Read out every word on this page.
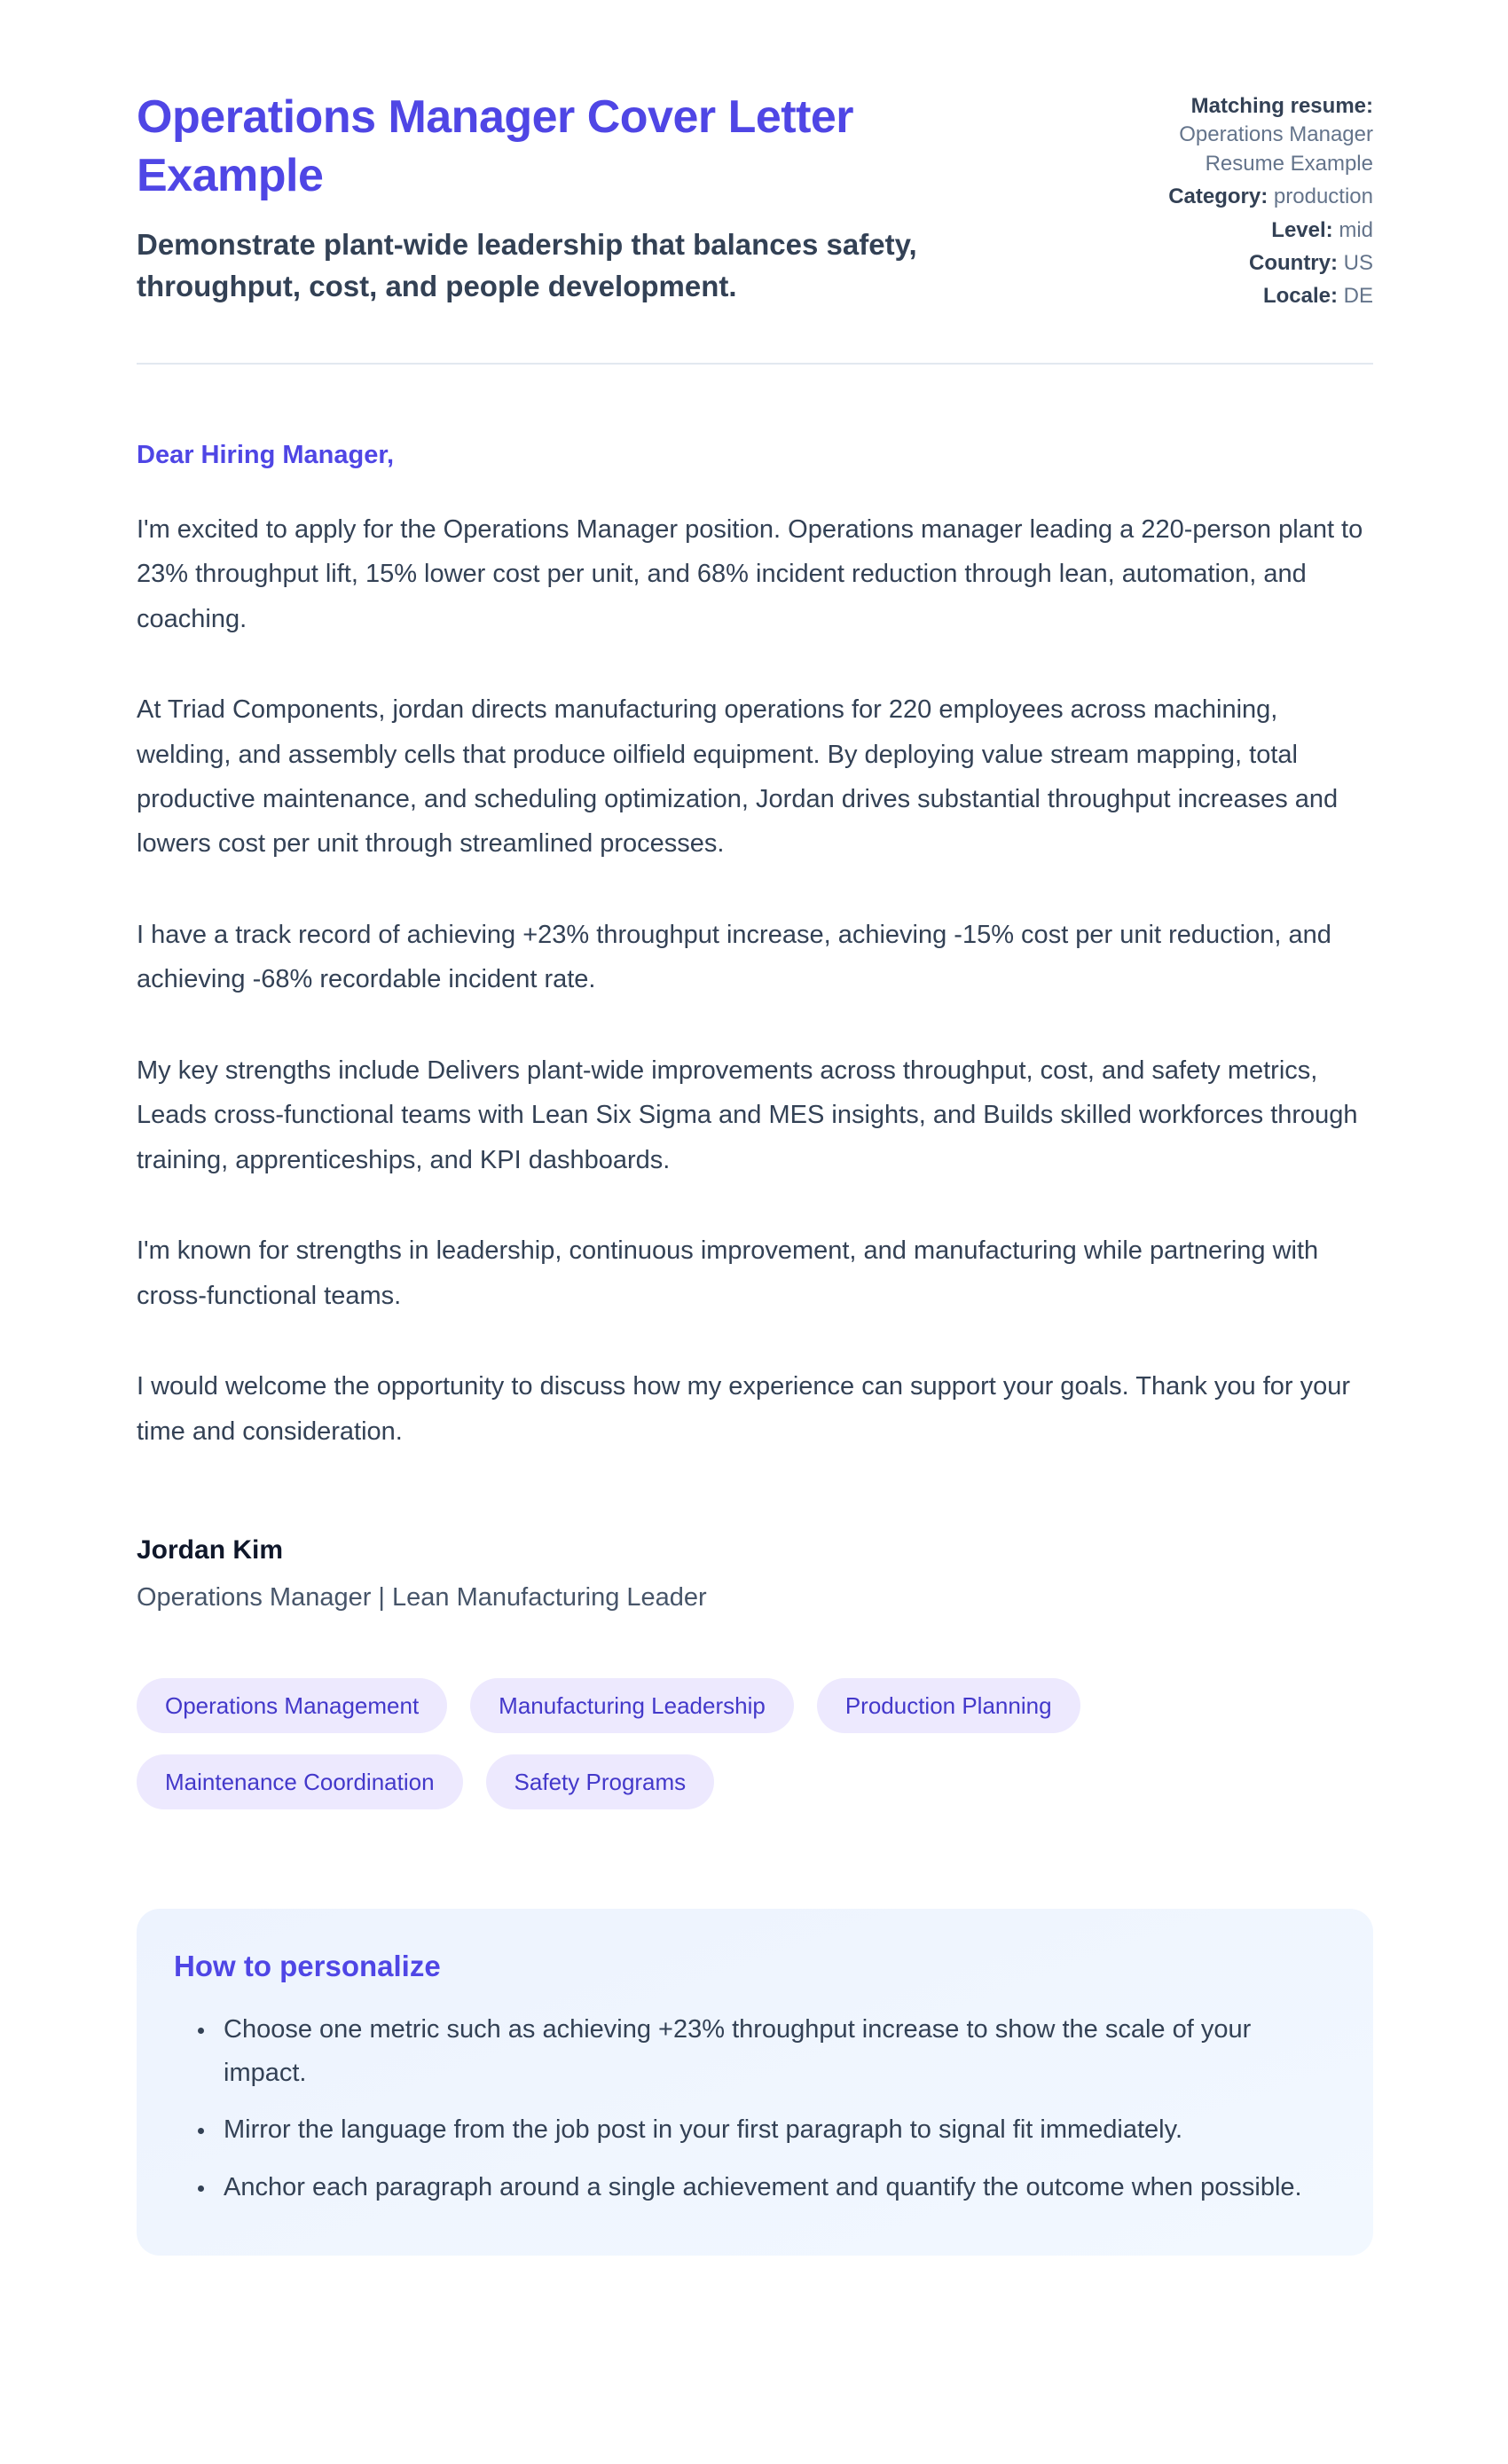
Operations Manager Cover Letter Example
Demonstrate plant-wide leadership that balances safety, throughput, cost, and people development.
Matching resume: Operations Manager Resume Example
Category: production
Level: mid
Country: US
Locale: DE
Dear Hiring Manager,

I'm excited to apply for the Operations Manager position. Operations manager leading a 220-person plant to 23% throughput lift, 15% lower cost per unit, and 68% incident reduction through lean, automation, and coaching.

At Triad Components, jordan directs manufacturing operations for 220 employees across machining, welding, and assembly cells that produce oilfield equipment. By deploying value stream mapping, total productive maintenance, and scheduling optimization, Jordan drives substantial throughput increases and lowers cost per unit through streamlined processes.

I have a track record of achieving +23% throughput increase, achieving -15% cost per unit reduction, and achieving -68% recordable incident rate.

My key strengths include Delivers plant-wide improvements across throughput, cost, and safety metrics, Leads cross-functional teams with Lean Six Sigma and MES insights, and Builds skilled workforces through training, apprenticeships, and KPI dashboards.

I'm known for strengths in leadership, continuous improvement, and manufacturing while partnering with cross-functional teams.

I would welcome the opportunity to discuss how my experience can support your goals. Thank you for your time and consideration.

Jordan Kim
Operations Manager | Lean Manufacturing Leader
Operations Management	Manufacturing Leadership	Production Planning
Maintenance Coordination	Safety Programs
How to personalize
• Choose one metric such as achieving +23% throughput increase to show the scale of your impact.
• Mirror the language from the job post in your first paragraph to signal fit immediately.
• Anchor each paragraph around a single achievement and quantify the outcome when possible.
